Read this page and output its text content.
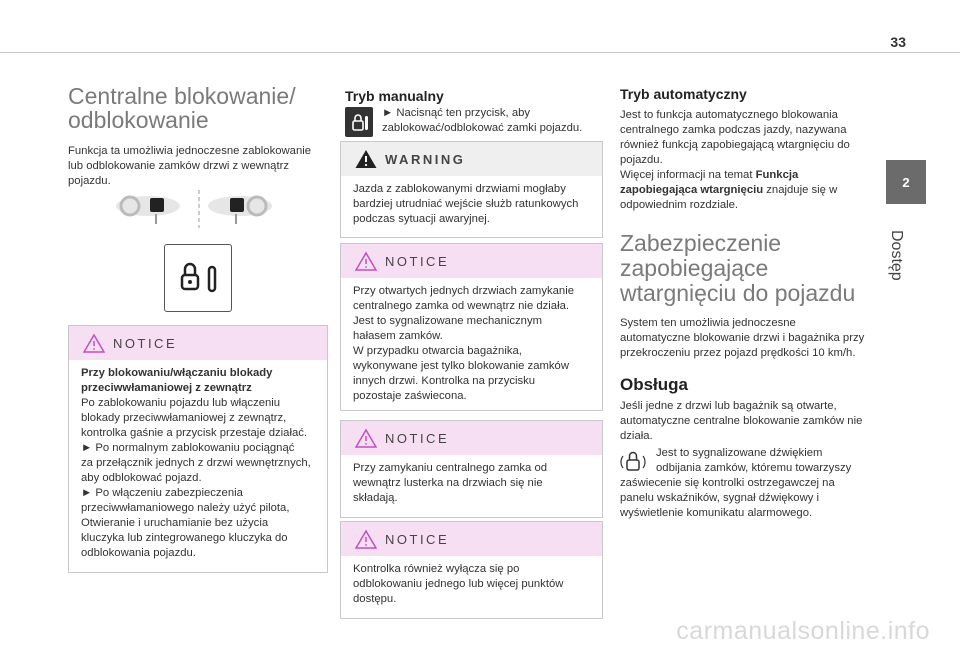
33
2
Dostęp
Centralne blokowanie/
odblokowanie

Funkcja ta umożliwia jednoczesne zablokowanie

lub odblokowanie zamków drzwi z wewnątrz

pojazdu.

NOTICE

Przy blokowaniu/włączaniu blokady

przeciwwłamaniowej z zewnątrz

Po zablokowaniu pojazdu lub włączeniu

blokady przeciwwłamaniowej z zewnątrz,

kontrolka gaśnie a przycisk przestaje działać.

► Po normalnym zablokowaniu pociągnąć

za przełącznik jednych z drzwi wewnętrznych,

aby odblokować pojazd.

► Po włączeniu zabezpieczenia

przeciwwłamaniowego należy użyć pilota,

Otwieranie i uruchamianie bez użycia

kluczyka lub zintegrowanego kluczyka do

odblokowania pojazdu.

Tryb manualny

► Nacisnąć ten przycisk, aby

zablokować/odblokować zamki pojazdu.

WARNING

Jazda z zablokowanymi drzwiami mogłaby

bardziej utrudniać wejście służb ratunkowych

podczas sytuacji awaryjnej.

NOTICE

Przy otwartych jednych drzwiach zamykanie

centralnego zamka od wewnątrz nie działa.

Jest to sygnalizowane mechanicznym

hałasem zamków.

W przypadku otwarcia bagażnika,

wykonywane jest tylko blokowanie zamków

innych drzwi. Kontrolka na przycisku

pozostaje zaświecona.

NOTICE

Przy zamykaniu centralnego zamka od

wewnątrz lusterka na drzwiach się nie

składają.

NOTICE

Kontrolka również wyłącza się po

odblokowaniu jednego lub więcej punktów

dostępu.

Tryb automatyczny

Jest to funkcja automatycznego blokowania

centralnego zamka podczas jazdy, nazywana

również funkcją zapobiegającą wtargnięciu do

pojazdu.

Więcej informacji na temat Funkcja

zapobiegająca wtargnięciu znajduje się w

odpowiednim rozdziale.

Zabezpieczenie
zapobiegające
wtargnięciu do pojazdu

System ten umożliwia jednoczesne

automatyczne blokowanie drzwi i bagażnika przy

przekroczeniu przez pojazd prędkości 10 km/h.

Obsługa

Jeśli jedne z drzwi lub bagażnik są otwarte,

automatyczne centralne blokowanie zamków nie

działa.

Jest to sygnalizowane dźwiękiem

odbijania zamków, któremu towarzyszy

zaświecenie się kontrolki ostrzegawczej na

panelu wskaźników, sygnał dźwiękowy i

wyświetlenie komunikatu alarmowego.

carmanualsonline.info
